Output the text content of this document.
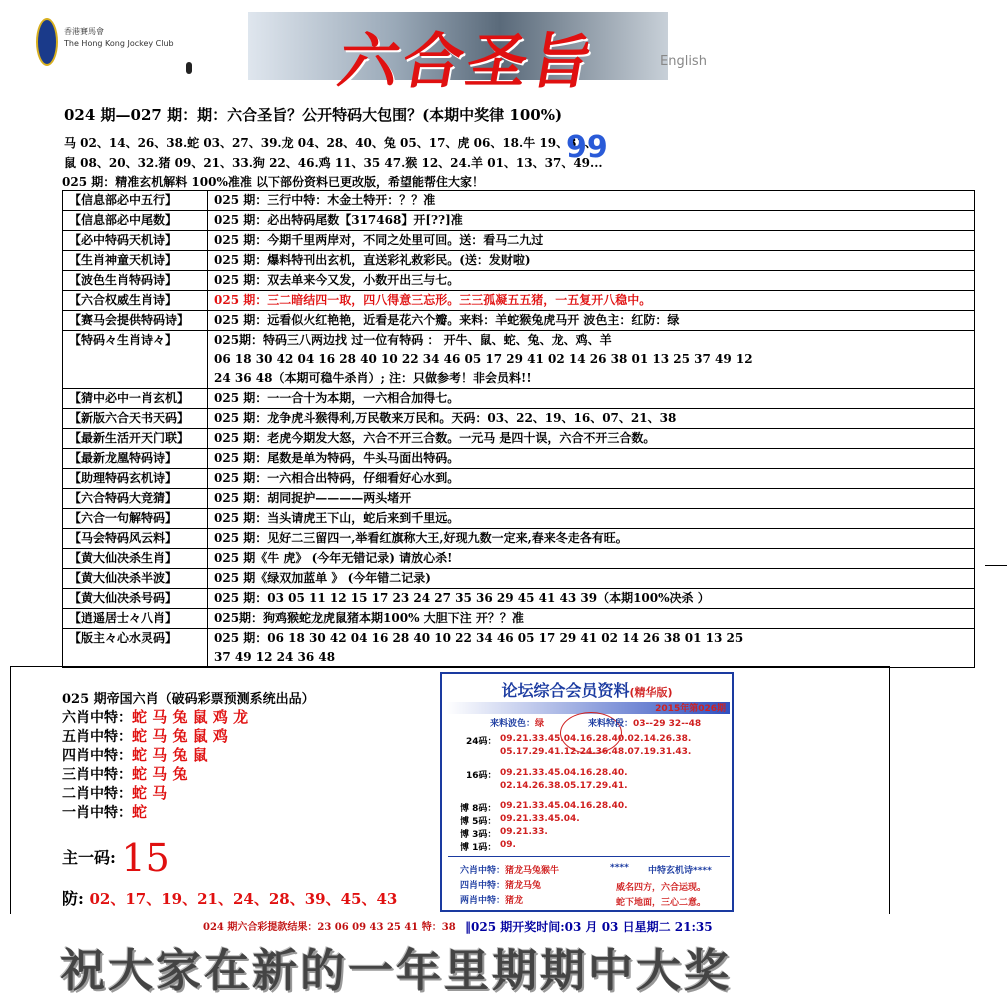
香港賽馬會
The Hong Kong Jockey Club	六合圣旨	English
024 期—027 期：期：六合圣旨？公开特码大包围？(本期中奖律 100%)
马 02、14、26、38.蛇 03、27、39.龙 04、28、40、兔 05、17、虎 06、18.牛 19、31、
鼠 08、20、32.猪 09、21、33.狗 22、46.鸡 11、35 47.猴 12、24.羊 01、13、37、49...
99
025 期：精准玄机解料 100%准准 以下部份资料已更改版，希望能帮住大家！
【信息部必中五行】	025 期：三行中特：木金土特开：？？准

【信息部必中尾数】	025 期：必出特码尾数【317468】开[??]准

【必中特码天机诗】	025 期：今期千里两岸对，不同之处里可回。送：看马二九过

【生肖神童天机诗】	025 期：爆料特刊出玄机，直送彩礼救彩民。(送：发财啦)

【波色生肖特码诗】	025 期：双去单来今又发，小数开出三与七。

【六合权威生肖诗】	025 期：三二暗结四一取，四八得意三忘形。三三孤凝五五猪，一五复开八稳中。

【赛马会提供特码诗】	025 期：远看似火红艳艳，近看是花六个瓣。来料：羊蛇猴兔虎马开 波色主：红防：绿

【特码々生肖诗々】	025期：特码三八两边找 过一位有特码 ： 开牛、鼠、蛇、兔、龙、鸡、羊
06 18 30 42 04 16 28 40 10 22 34 46 05 17 29 41 02 14 26 38 01 13 25 37 49 12
24 36 48（本期可稳牛杀肖）; 注：只做参考！非会员料!!

【猜中必中一肖玄机】	025 期：一一合十为本期，一六相合加得七。

【新版六合天书天码】	025 期：龙争虎斗猴得利,万民敬来万民和。天码：03、22、19、16、07、21、38

【最新生活开天门联】	025 期：老虎今期发大怒，六合不开三合数。一元马 是四十误，六合不开三合数。

【最新龙凰特码诗】	025 期：尾数是单为特码，牛头马面出特码。

【助理特码玄机诗】	025 期：一六相合出特码，仔细看好心水到。

【六合特码大竞猜】	025 期：胡同捉护————两头堵开

【六合一句解特码】	025 期：当头请虎王下山，蛇后来到千里远。

【马会特码风云料】	025 期：见好二三留四一,举看红旗称大王,好现九数一定来,春来冬走各有旺。

【黄大仙决杀生肖】	025 期《牛 虎》 (今年无错记录) 请放心杀!

【黄大仙决杀半波】	025 期《绿双加蓝单 》 (今年错二记录)

【黄大仙决杀号码】	025 期：03 05 11 12 15 17 23 24 27 35 36 29 45 41 43 39（本期100%决杀 ）

【逍遥居士々八肖】	025期：狗鸡猴蛇龙虎鼠猪本期100% 大胆下注 开？？准

【版主々心水灵码】	025 期：06 18 30 42 04 16 28 40 10 22 34 46 05 17 29 41 02 14 26 38 01 13 25
37 49 12 24 36 48
025 期帝国六肖（破码彩票预测系统出品）
六肖中特：蛇 马 兔 鼠 鸡 龙
五肖中特：蛇 马 兔 鼠 鸡
四肖中特：蛇 马 兔 鼠
三肖中特：蛇 马 兔
二肖中特：蛇 马
一肖中特：蛇
主一码: 15
防: 02、17、19、21、24、28、39、45、43
论坛综合会员资料(精华版)
2015年第026期
来料波色：绿	来料特段：03--29 32--48
24码： 09.21.33.45.04.16.28.40.02.14.26.38.
05.17.29.41.12.24.36.48.07.19.31.43.
16码： 09.21.33.45.04.16.28.40.
02.14.26.38.05.17.29.41.
博 8码： 09.21.33.45.04.16.28.40.
博 5码： 09.21.33.45.04.
博 3码： 09.21.33.
博 1码： 09.
六肖中特：猪龙马兔猴牛	**** 中特玄机诗****
四肖中特：猪龙马兔	威名四方，六合运现。
两肖中特：猪龙	蛇下地面，三心二意。
024 期六合彩提款结果：23 06 09 43 25 41 特：38 ‖025 期开奖时间:03 月 03 日星期二 21:35
祝大家在新的一年里期期中大奖
